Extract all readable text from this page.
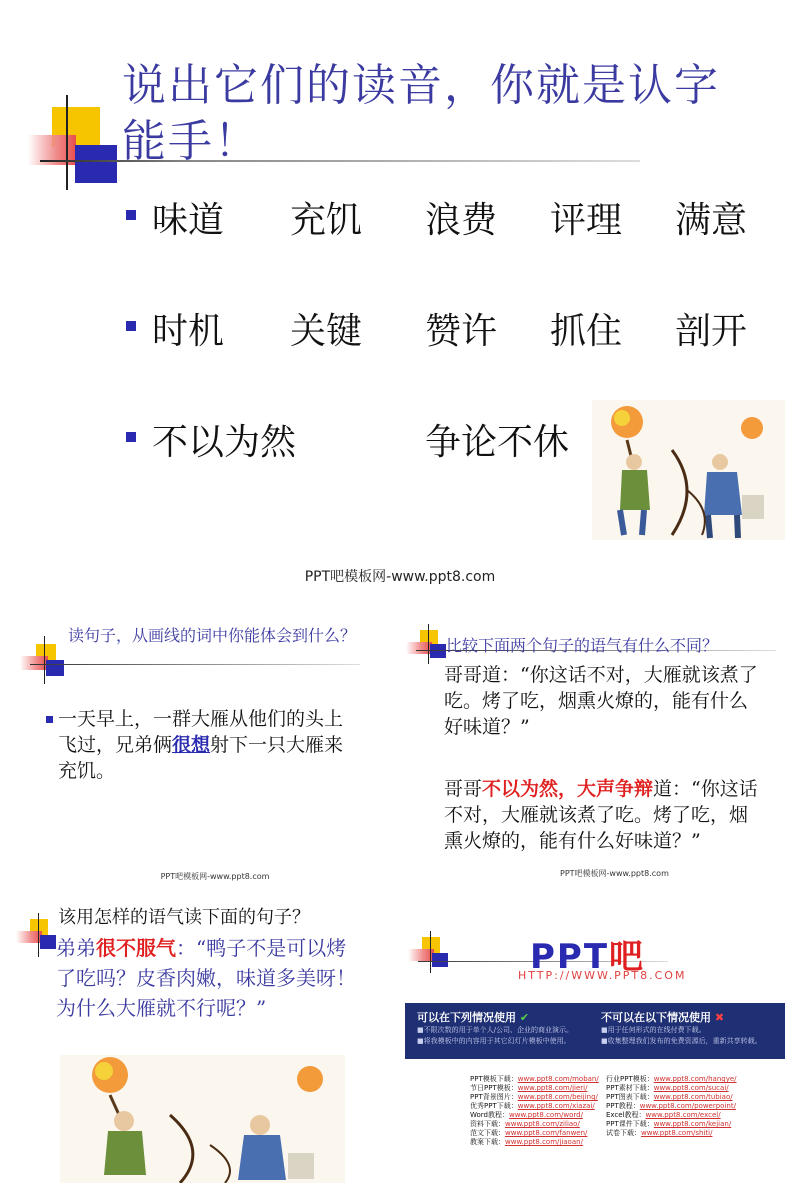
说出它们的读音，你就是认字
能手！
味道 充饥 浪费 评理 满意
时机 关键 赞许 抓住 剖开
不以为然	争论不休
PPT吧模板网-www.ppt8.com
读句子，从画线的词中你能体会到什么？
一天早上，一群大雁从他们的头上飞过，兄弟俩很想射下一只大雁来充饥。
PPT吧模板网-www.ppt8.com
比较下面两个句子的语气有什么不同？
哥哥道：“你这话不对，大雁就该煮了吃。烤了吃，烟熏火燎的，能有什么好味道？”
哥哥不以为然，大声争辩道：“你这话不对，大雁就该煮了吃。烤了吃，烟熏火燎的，能有什么好味道？”
PPT吧模板网-www.ppt8.com
该用怎样的语气读下面的句子？
弟弟很不服气：“鸭子不是可以烤了吃吗？皮香肉嫩，味道多美呀！为什么大雁就不行呢？”
PPT吧
HTTP://WWW.PPT8.COM
可以在下列情况使用 ✔

■不限次数的用于单个人/公司、企业的商业演示。

■将我模板中的内容用于其它幻灯片模板中使用。

不可以在以下情况使用 ✖

■用于任何形式的在线付费下载。

■收集整理我们发布的免费资源后，重新共享转载。

PPT模板下载：www.ppt8.com/moban/
节日PPT模板：www.ppt8.com/jieri/
PPT背景图片：www.ppt8.com/beijing/
优秀PPT下载：www.ppt8.com/xiazai/
Word教程：www.ppt8.com/word/
资料下载：www.ppt8.com/ziliao/
范文下载：www.ppt8.com/fanwen/
教案下载：www.ppt8.com/jiaoan/
行业PPT模板：www.ppt8.com/hangye/
PPT素材下载：www.ppt8.com/sucai/
PPT图表下载：www.ppt8.com/tubiao/
PPT教程：www.ppt8.com/powerpoint/
Excel教程：www.ppt8.com/excel/
PPT课件下载：www.ppt8.com/kejian/
试卷下载：www.ppt8.com/shiti/
